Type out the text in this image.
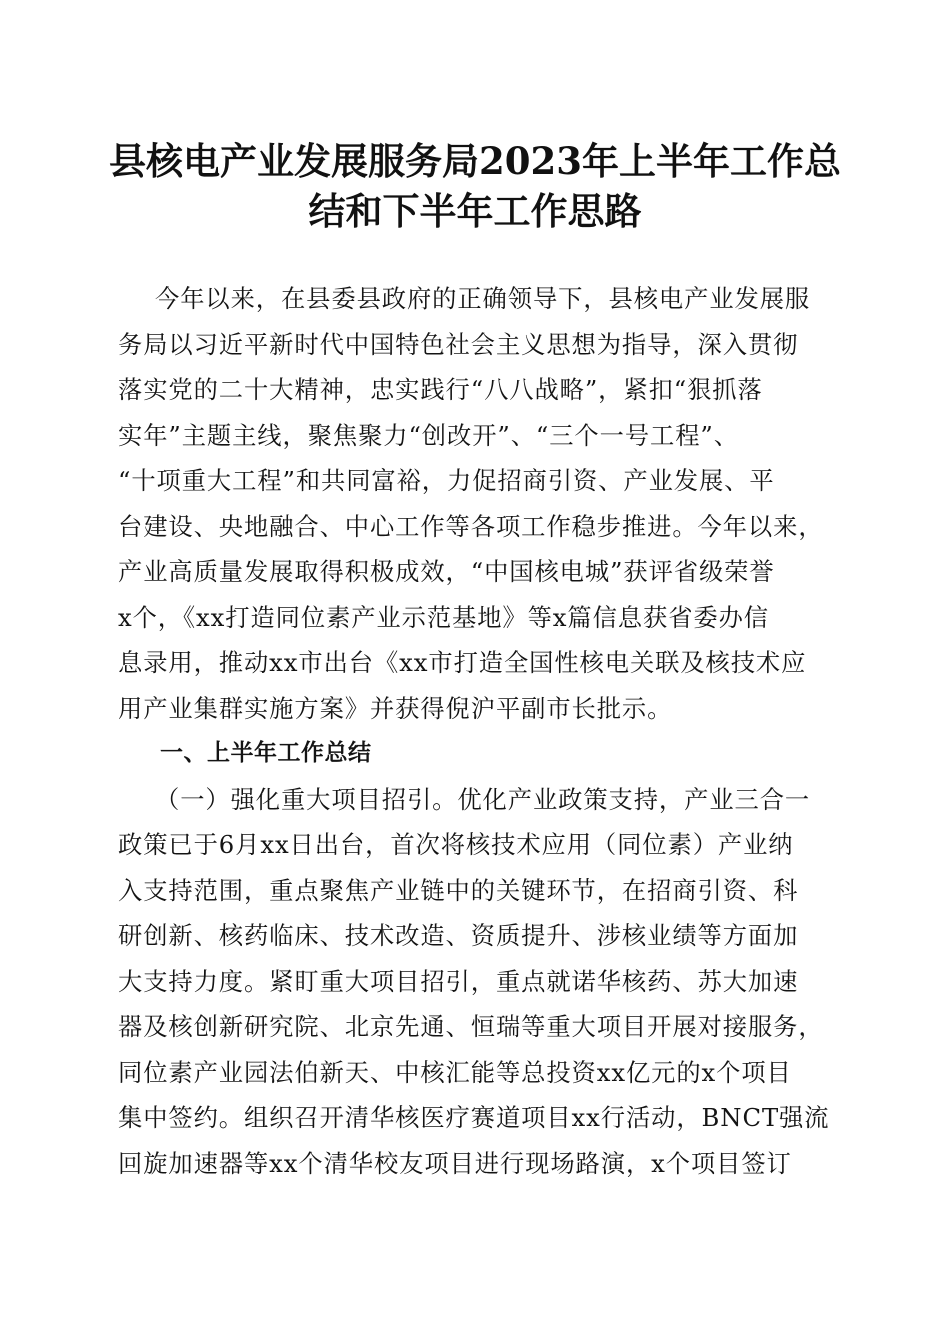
县核电产业发展服务局2023年上半年工作总
结和下半年工作思路
今年以来，在县委县政府的正确领导下，县核电产业发展服
务局以习近平新时代中国特色社会主义思想为指导，深入贯彻
落实党的二十大精神，忠实践行“八八战略”，紧扣“狠抓落
实年”主题主线，聚焦聚力“创改开”、“三个一号工程”、
“十项重大工程”和共同富裕，力促招商引资、产业发展、平
台建设、央地融合、中心工作等各项工作稳步推进。今年以来，
产业高质量发展取得积极成效，“中国核电城”获评省级荣誉
x个，《xx打造同位素产业示范基地》等x篇信息获省委办信
息录用，推动xx市出台《xx市打造全国性核电关联及核技术应
用产业集群实施方案》并获得倪沪平副市长批示。
一、上半年工作总结
（一）强化重大项目招引。优化产业政策支持，产业三合一
政策已于6月xx日出台，首次将核技术应用（同位素）产业纳
入支持范围，重点聚焦产业链中的关键环节，在招商引资、科
研创新、核药临床、技术改造、资质提升、涉核业绩等方面加
大支持力度。紧盯重大项目招引，重点就诺华核药、苏大加速
器及核创新研究院、北京先通、恒瑞等重大项目开展对接服务，
同位素产业园法伯新天、中核汇能等总投资xx亿元的x个项目
集中签约。组织召开清华核医疗赛道项目xx行活动，BNCT强流
回旋加速器等xx个清华校友项目进行现场路演，x个项目签订
